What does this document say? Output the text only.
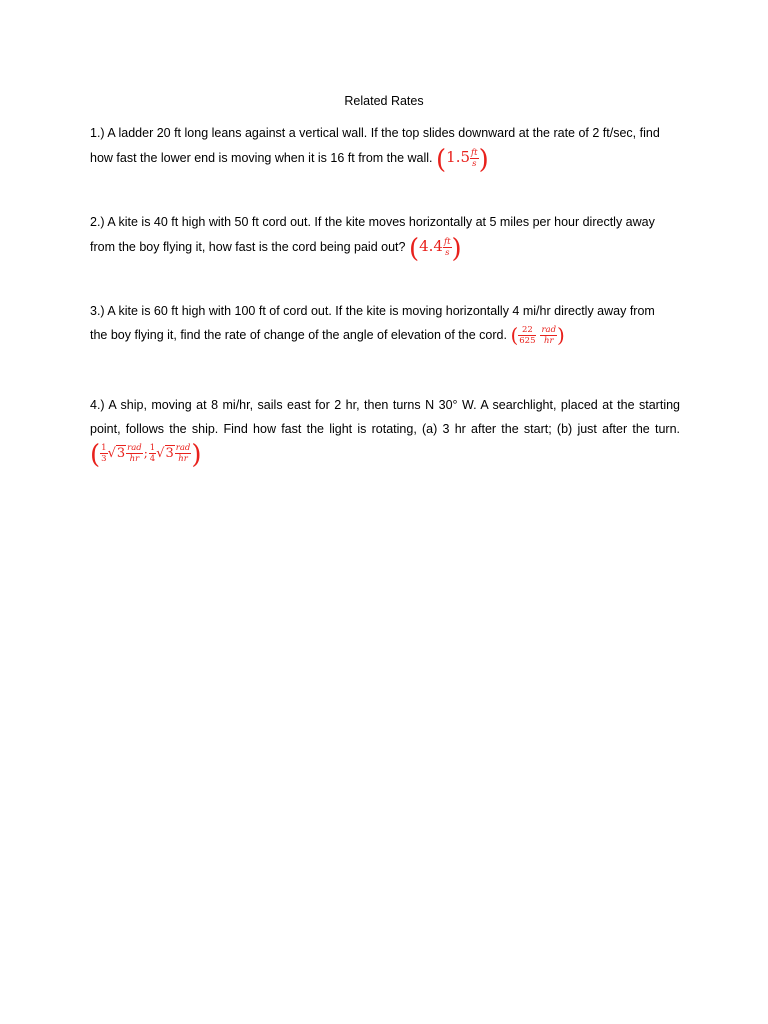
Related Rates
1.) A ladder 20 ft long leans against a vertical wall. If the top slides downward at the rate of 2 ft/sec, find
how fast the lower end is moving when it is 16 ft from the wall. ($1.5 \frac{ft}{s}$ )
2.) A kite is 40 ft high with 50 ft cord out. If the kite moves horizontally at 5 miles per hour directly away
from the boy flying it, how fast is the cord being paid out? ($4.4 \frac{ft}{s}$ )
3.) A kite is 60 ft high with 100 ft of cord out. If the kite is moving horizontally 4 mi/hr directly away from
the boy flying it, find the rate of change of the angle of elevation of the cord. ( $\frac{22}{625}$
$\frac{\text{rad}}{hr}$ )
4.) A ship, moving at 8 mi/hr, sails east for 2 hr, then turns N 30° W. A searchlight, placed at the starting
point, follows the ship. Find how fast the light is rotating, (a) 3 hr after the start; (b) just after the turn.
( $\frac{1}{3} √3 \frac{\text{rad}}{hr}$ ; $\frac{1}{4} √3 \frac{\text{rad}}{hr}$ )
